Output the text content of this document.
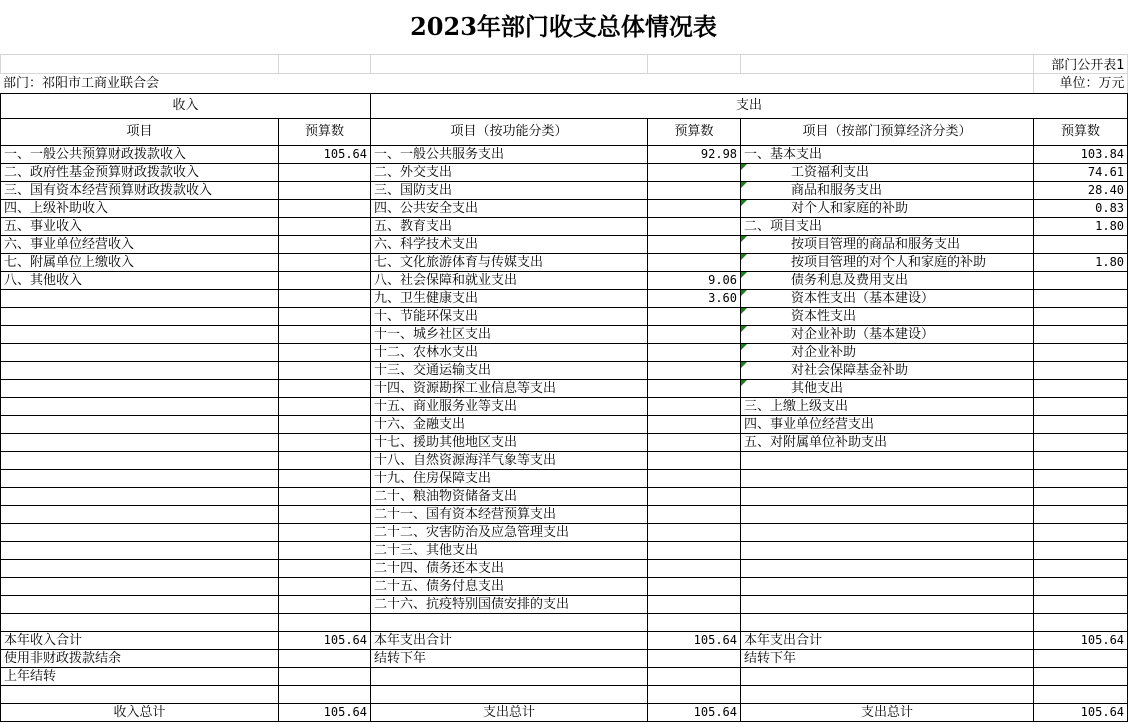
2023年部门收支总体情况表

部门：祁阳市工商业联合会

部门公开表1
单位：万元
收入		支出			
项目	预算数	项目（按功能分类）	预算数	项目（按部门预算经济分类）	预算数
一、一般公共预算财政拨款收入	105.64	一、一般公共服务支出	92.98	一、基本支出	103.84
二、政府性基金预算财政拨款收入		二、外交支出		工资福利支出	74.61
三、国有资本经营预算财政拨款收入		三、国防支出		商品和服务支出	28.40
四、上级补助收入		四、公共安全支出		对个人和家庭的补助	0.83
五、事业收入		五、教育支出		二、项目支出	1.80
六、事业单位经营收入		六、科学技术支出		按项目管理的商品和服务支出	
七、附属单位上缴收入		七、文化旅游体育与传媒支出		按项目管理的对个人和家庭的补助	1.80
八、其他收入		八、社会保障和就业支出	9.06	债务利息及费用支出	
		九、卫生健康支出	3.60	资本性支出（基本建设）	
		十、节能环保支出		资本性支出	
		十一、城乡社区支出		对企业补助（基本建设）	
		十二、农林水支出		对企业补助	
		十三、交通运输支出		对社会保障基金补助	
		十四、资源勘探工业信息等支出		其他支出	
		十五、商业服务业等支出		三、上缴上级支出	
		十六、金融支出		四、事业单位经营支出	
		十七、援助其他地区支出		五、对附属单位补助支出	
		十八、自然资源海洋气象等支出			
		十九、住房保障支出			
		二十、粮油物资储备支出			
		二十一、国有资本经营预算支出			
		二十二、灾害防治及应急管理支出			
		二十三、其他支出			
		二十四、债务还本支出			
		二十五、债务付息支出			
		二十六、抗疫特别国债安排的支出			

本年收入合计	105.64	本年支出合计	105.64	本年支出合计	105.64
使用非财政拨款结余		结转下年		结转下年	
上年结转					

收入总计	105.64	支出总计	105.64	支出总计	105.64
